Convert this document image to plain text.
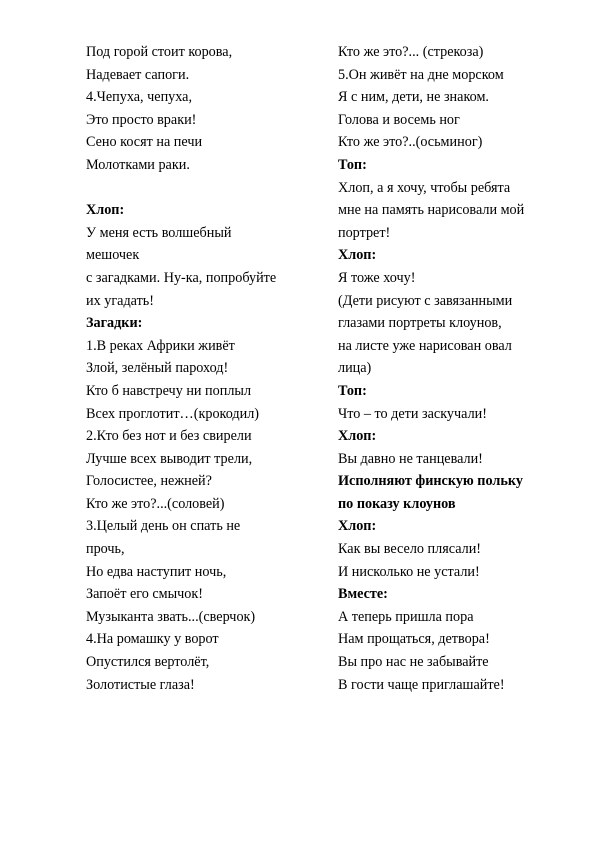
Под горой стоит корова,
Надевает сапоги.
4.Чепуха, чепуха,
Это просто враки!
Сено косят на печи
Молотками раки.
Хлоп:
У меня есть волшебный
мешочек
с загадками. Ну-ка, попробуйте
их угадать!
Загадки:
1.В реках Африки живёт
Злой, зелёный пароход!
Кто б навстречу ни поплыл
Всех проглотит…(крокодил)
2.Кто без нот и без свирели
Лучше всех выводит трели,
Голосистее, нежней?
Кто же это?...(соловей)
3.Целый день он спать не
прочь,
Но едва наступит ночь,
Запоёт его смычок!
Музыканта звать...(сверчок)
4.На ромашку у ворот
Опустился вертолёт,
Золотистые глаза!
Кто же это?... (стрекоза)
5.Он живёт на дне морском
Я с ним, дети, не знаком.
Голова и восемь ног
Кто же это?..(осьминог)
Топ:
Хлоп, а я хочу, чтобы ребята
мне на память нарисовали мой
портрет!
Хлоп:
Я тоже хочу!
(Дети рисуют с завязанными
глазами портреты клоунов,
на листе уже нарисован овал
лица)
Топ:
Что – то дети заскучали!
Хлоп:
Вы давно не танцевали!
Исполняют финскую польку
по показу клоунов
Хлоп:
Как вы весело плясали!
И нисколько не устали!
Вместе:
А теперь пришла пора
Нам прощаться, детвора!
Вы про нас не забывайте
В гости чаще приглашайте!
